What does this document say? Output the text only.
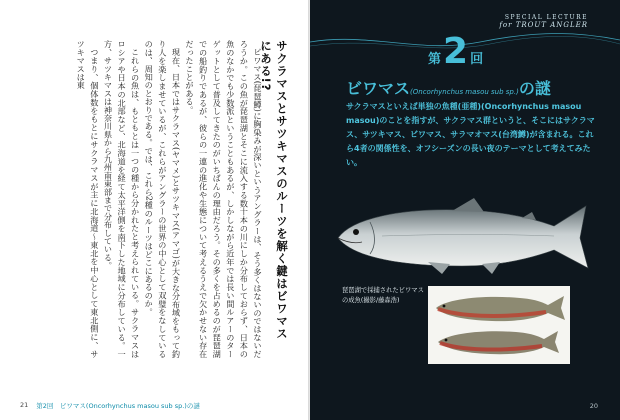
サクラマスとサツキマスのルーツを解く鍵はビワマスにある!?

ビワマス(琵琶鱒)に胸染みが深いというアングラーは、そう多くはないのではないだろうか。この魚が琵琶湖とそこに流入する数十本の川にしか分布しておらず、日本の魚のなかでも少数派ということもあるが、しかしながら近年では長い間ルアーのターゲットとして普及してきたのがいちばんの理由だろう。その多くを占めるのが琵琶湖での船釣りであるが、彼らの一連の進化や生態について考えるうえで欠かせない存在だったことがある。

現在、日本ではサクラマス(ヤマメ)とサツキマス(アマゴ)が大きな分布域をもって釣り人を楽しませているが、これらがアングラーの世界の中心として双璧をなしているのは、周知のとおりである。では、これら2種のルーツはどこにあるのか。

これらの魚は、もともとは一つの種から分かれたと考えられている。サクラマスはロシアや日本の北部など、北海道を経て太平洋側を南下した地域に分布している。一方、サツキマスは神奈川県から九州南東部まで分布している。

つまり、個体数をもとにサクラマスが主に北海道～東北を中心として東北側に、サツキマスは東

21 第2回　ビワマス(Oncorhynchus masou sub sp.)の謎
SPECIAL LECTURE
for TROUT ANGLER
第 2 回
ビワマス(Oncorhynchus masou sub sp.)の謎
サクラマスといえば単独の魚種(亜種)(Oncorhynchus masou masou)のことを指すが、サクラマス群というと、そこにはサクラマス、サツキマス、ビワマス、サラマオマス(台湾鱒)が含まれる。これら4者の関係性を、オフシーズンの長い夜のテーマとして考えてみたい。
琵琶湖で採捕されたビワマスの成魚(撮影/藤森浩)
20
